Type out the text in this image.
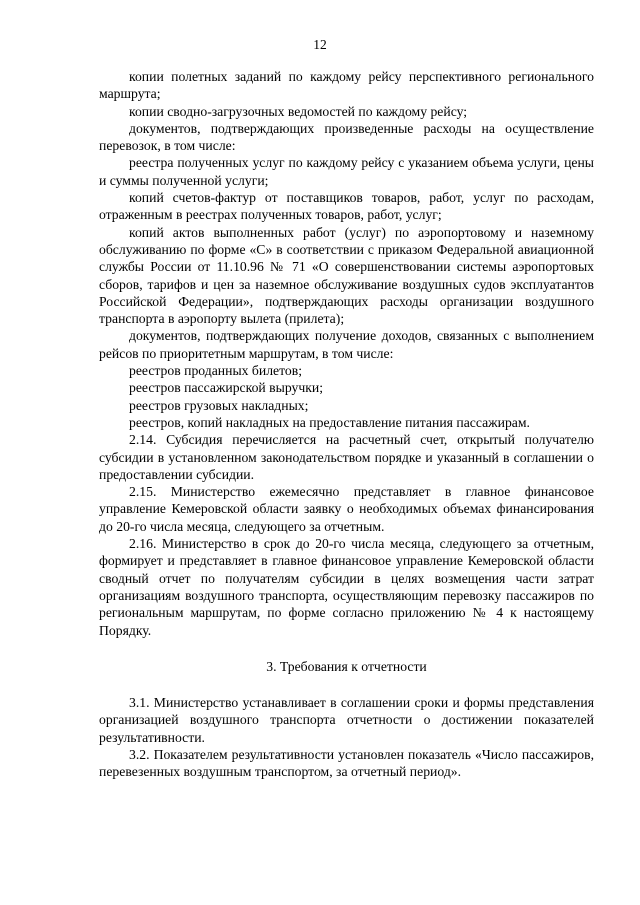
12

копии полетных заданий по каждому рейсу перспективного регионального маршрута;

копии сводно-загрузочных ведомостей по каждому рейсу;

документов, подтверждающих произведенные расходы на осуществление перевозок, в том числе:

реестра полученных услуг по каждому рейсу с указанием объема услуги, цены и суммы полученной услуги;

копий счетов-фактур от поставщиков товаров, работ, услуг по расходам, отраженным в реестрах полученных товаров, работ, услуг;

копий актов выполненных работ (услуг) по аэропортовому и наземному обслуживанию по форме «С» в соответствии с приказом Федеральной авиационной службы России от 11.10.96 № 71 «О совершенствовании системы аэропортовых сборов, тарифов и цен за наземное обслуживание воздушных судов эксплуатантов Российской Федерации», подтверждающих расходы организации воздушного транспорта в аэропорту вылета (прилета);

документов, подтверждающих получение доходов, связанных с выполнением рейсов по приоритетным маршрутам, в том числе:

реестров проданных билетов;

реестров пассажирской выручки;

реестров грузовых накладных;

реестров, копий накладных на предоставление питания пассажирам.

2.14. Субсидия перечисляется на расчетный счет, открытый получателю субсидии в установленном законодательством порядке и указанный в соглашении о предоставлении субсидии.

2.15. Министерство ежемесячно представляет в главное финансовое управление Кемеровской области заявку о необходимых объемах финансирования до 20-го числа месяца, следующего за отчетным.

2.16. Министерство в срок до 20-го числа месяца, следующего за отчетным, формирует и представляет в главное финансовое управление Кемеровской области сводный отчет по получателям субсидии в целях возмещения части затрат организациям воздушного транспорта, осуществляющим перевозку пассажиров по региональным маршрутам, по форме согласно приложению № 4 к настоящему Порядку.

3. Требования к отчетности

3.1. Министерство устанавливает в соглашении сроки и формы представления организацией воздушного транспорта отчетности о достижении показателей результативности.

3.2. Показателем результативности установлен показатель «Число пассажиров, перевезенных воздушным транспортом, за отчетный период».
